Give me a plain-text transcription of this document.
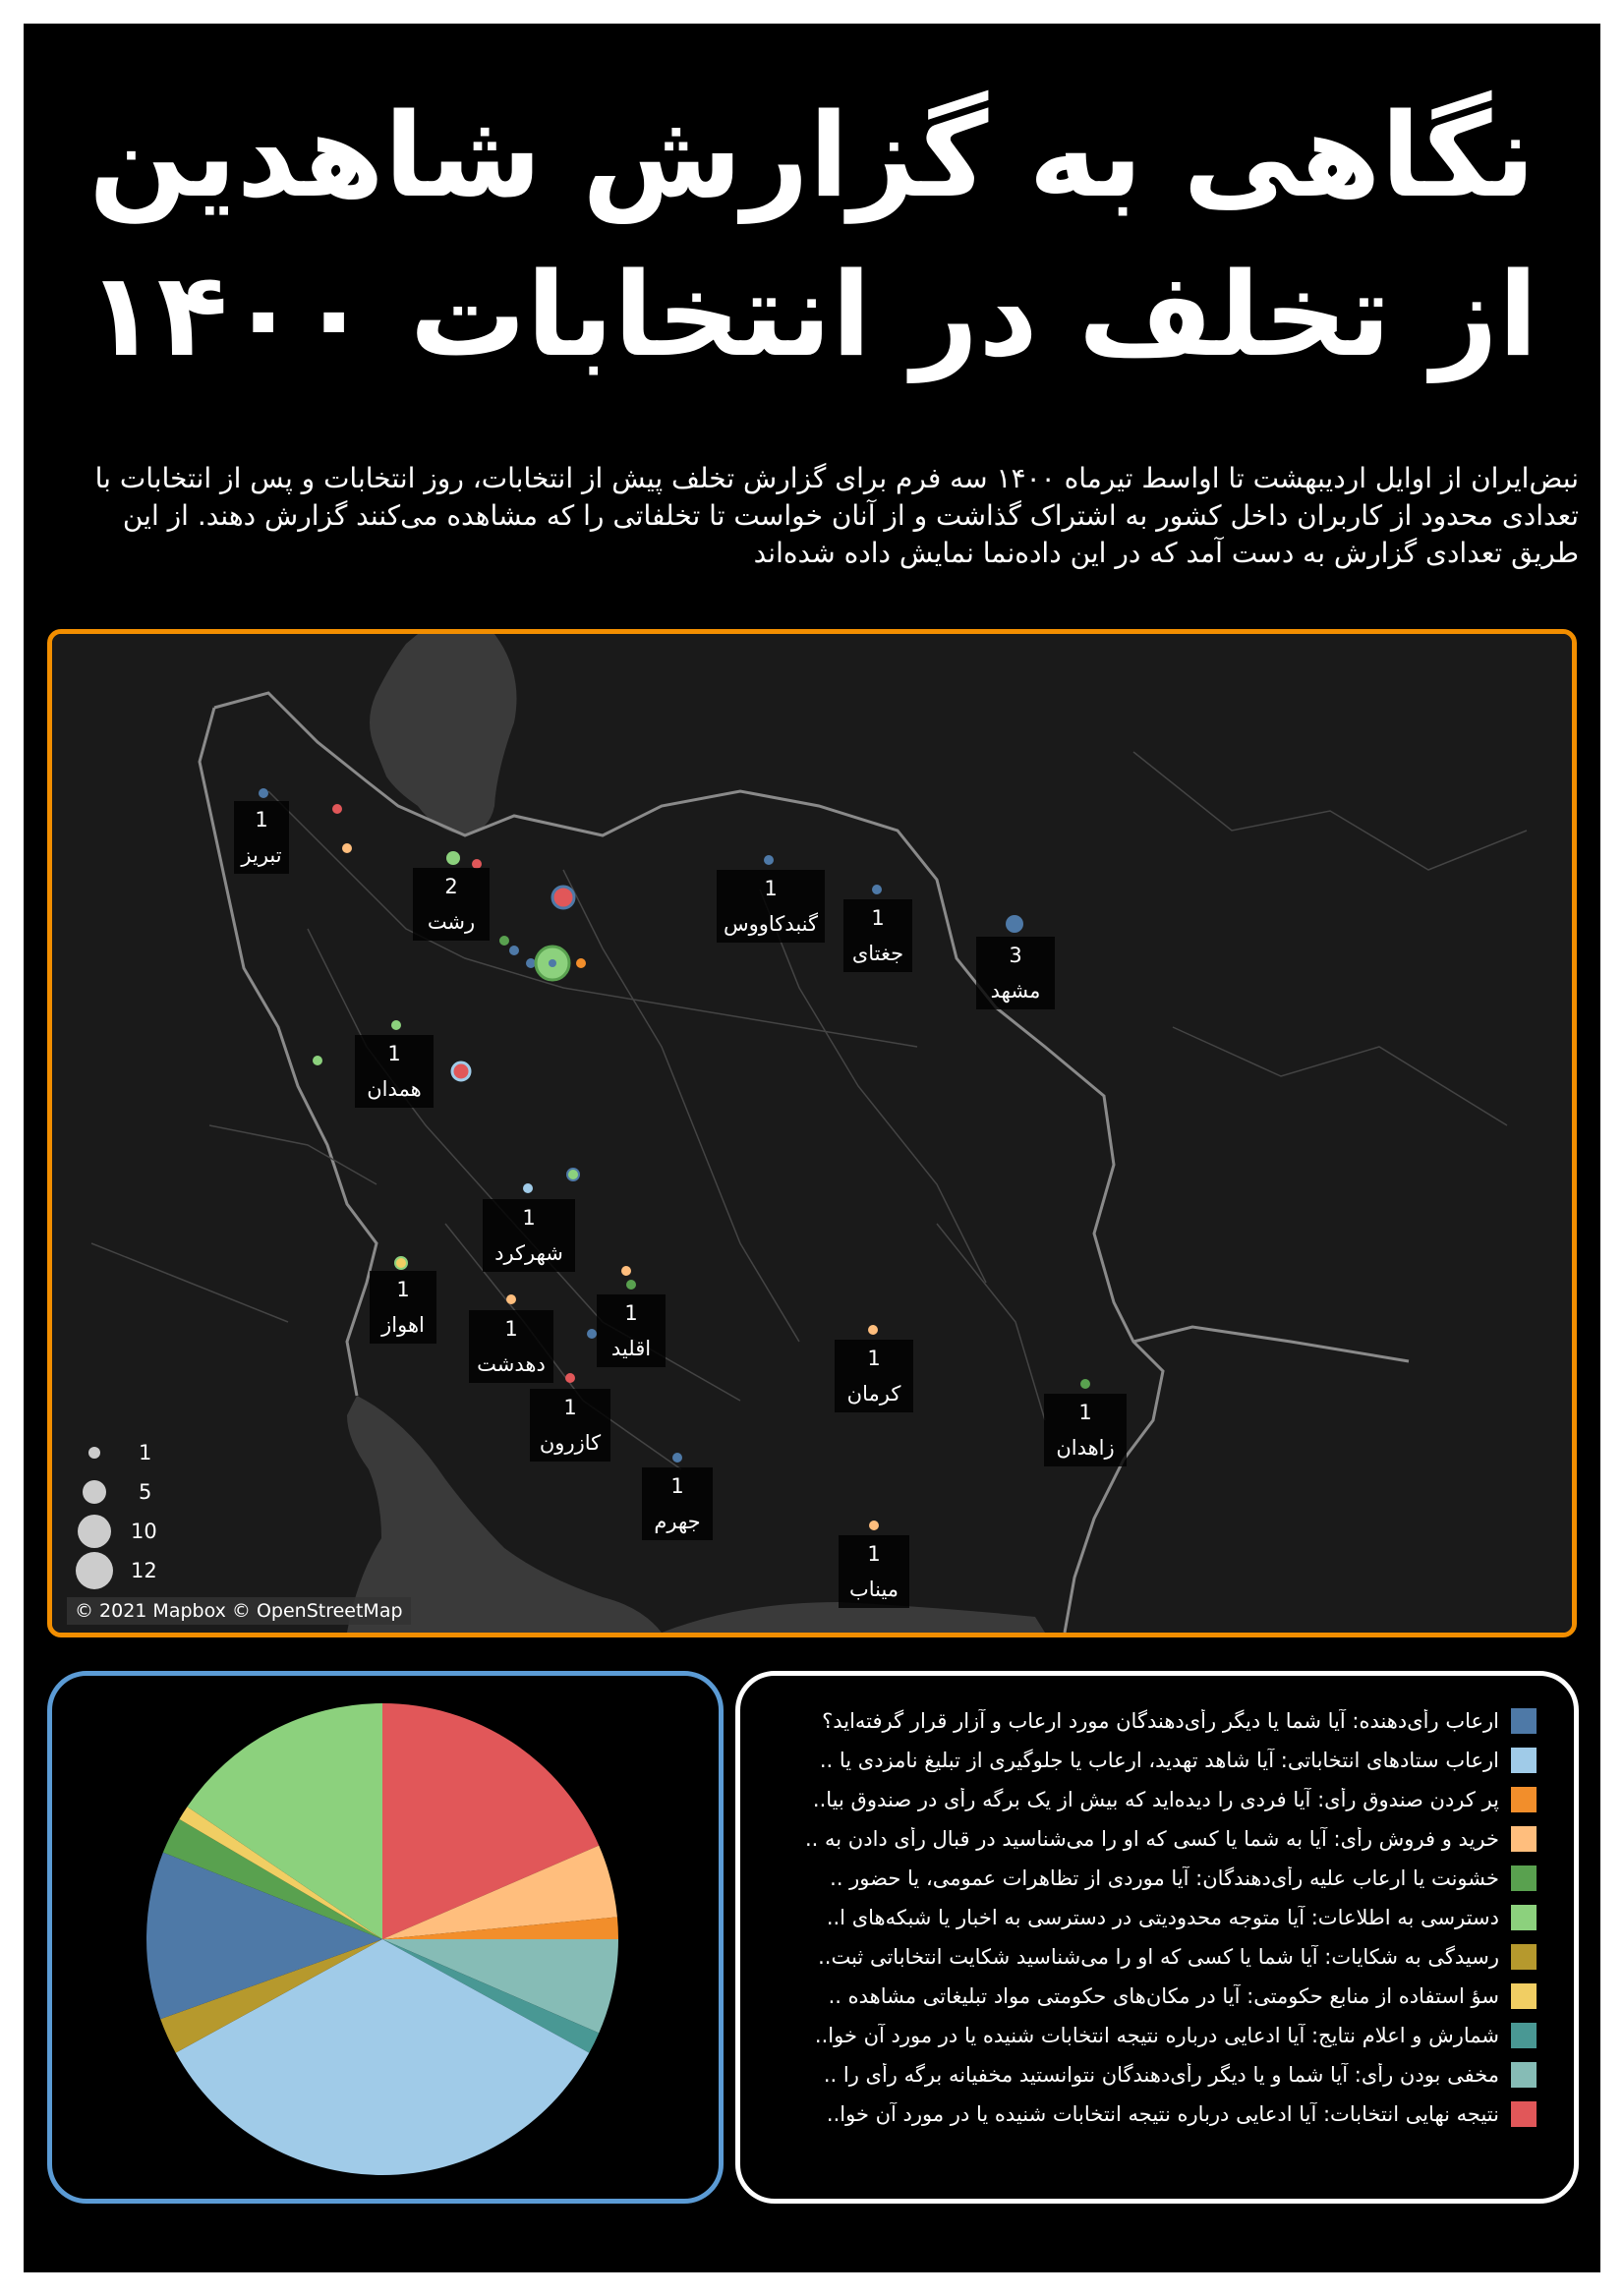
نگاهی به گزارش شاهدین
از تخلف در انتخابات ۱۴۰۰
نبض‌ایران از اوایل اردیبهشت تا اواسط تیرماه ۱۴۰۰ سه فرم برای گزارش تخلف پیش از انتخابات، روز انتخابات و پس از انتخابات با تعدادی محدود از کاربران داخل کشور به اشتراک گذاشت و از آنان خواست تا تخلفاتی را که مشاهده می‌کنند گزارش دهند. از این طریق تعدادی گزارش به دست آمد که در این داده‌نما نمایش داده شده‌اند
1
تبریز
2
رشت
1
گنبدکاووس	1
جغتای	3
مشهد
1
همدان
1
شهرکرد
1
اهواز	1
دهدشت
1
اقلید
1
کازرون
1
کرمان
1
زاهدان
1
جهرم
1
میناب
1
5
10
12
© 2021 Mapbox © OpenStreetMap
ارعاب رأی‌دهنده: آیا شما یا دیگر رأی‌دهندگان مورد ارعاب و آزار قرار گرفته‌اید؟
ارعاب ستادهای انتخاباتی: آیا شاهد تهدید، ارعاب یا جلوگیری از تبلیغ نامزدی یا ..
پر کردن صندوق رأی: آیا فردی را دیده‌اید که بیش از یک برگه رأی در صندوق بیا..
خرید و فروش رأی: آیا به شما یا کسی که او را می‌شناسید در قبال رأی دادن به ..
خشونت یا ارعاب علیه رأی‌دهندگان: آیا موردی از تظاهرات عمومی، یا حضور ..
دسترسی به اطلاعات: آیا متوجه محدودیتی در دسترسی به اخبار یا شبکه‌های ا..
رسیدگی به شکایات: آیا شما یا کسی که او را می‌شناسید شکایت انتخاباتی ثبت..
سؤ استفاده از منابع حکومتی: آیا در مکان‌های حکومتی مواد تبلیغاتی مشاهده ..
شمارش و اعلام نتایج: آیا ادعایی درباره نتیجه انتخابات شنیده یا در مورد آن خوا..
مخفی بودن رأی: آیا شما و یا دیگر رأی‌دهندگان نتوانستید مخفیانه برگه رأی را ..
نتیجه نهایی انتخابات: آیا ادعایی درباره نتیجه انتخابات شنیده یا در مورد آن خوا..
